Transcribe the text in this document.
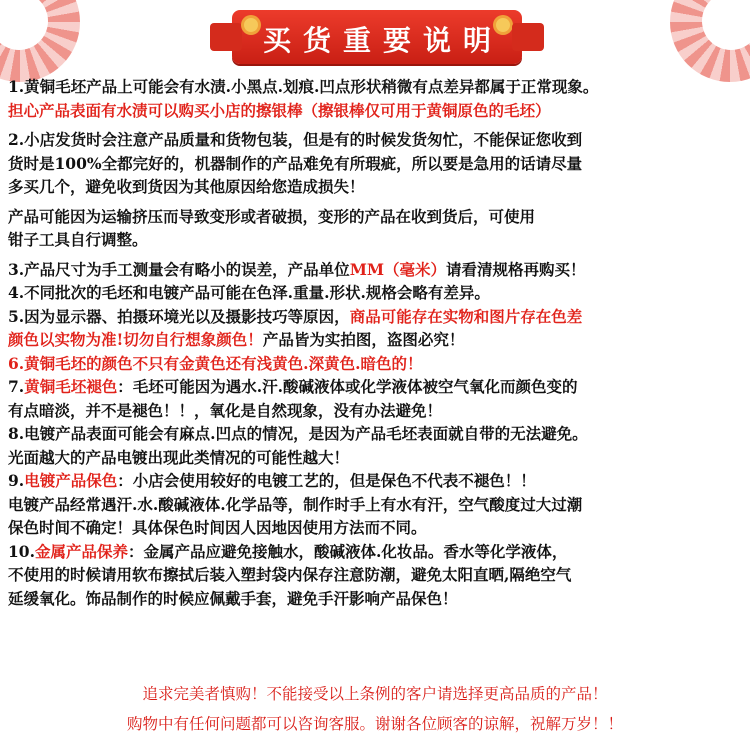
买货重要说明
1.黄铜毛坯产品上可能会有水渍.小黑点.划痕.凹点形状稍微有点差异都属于正常现象。
担心产品表面有水渍可以购买小店的擦银棒（擦银棒仅可用于黄铜原色的毛坯）
2.小店发货时会注意产品质量和货物包装，但是有的时候发货匆忙，不能保证您收到
货时是100%全都完好的，机器制作的产品难免有所瑕疵，所以要是急用的话请尽量
多买几个，避免收到货因为其他原因给您造成损失！
产品可能因为运输挤压而导致变形或者破损，变形的产品在收到货后，可使用
钳子工具自行调整。
3.产品尺寸为手工测量会有略小的误差，产品单位MM（毫米）请看清规格再购买！
4.不同批次的毛坯和电镀产品可能在色泽.重量.形状.规格会略有差异。
5.因为显示器、拍摄环境光以及摄影技巧等原因，商品可能存在实物和图片存在色差
颜色以实物为准!切勿自行想象颜色！产品皆为实拍图，盗图必究！
6.黄铜毛坯的颜色不只有金黄色还有浅黄色.深黄色.暗色的！
7.黄铜毛坯褪色：毛坯可能因为遇水.汗.酸碱液体或化学液体被空气氧化而颜色变的
有点暗淡，并不是褪色！！，氧化是自然现象，没有办法避免！
8.电镀产品表面可能会有麻点.凹点的情况，是因为产品毛坯表面就自带的无法避免。
光面越大的产品电镀出现此类情况的可能性越大！
9.电镀产品保色：小店会使用较好的电镀工艺的，但是保色不代表不褪色！！
电镀产品经常遇汗.水.酸碱液体.化学品等，制作时手上有水有汗，空气酸度过大过潮
保色时间不确定！具体保色时间因人因地因使用方法而不同。
10.金属产品保养：金属产品应避免接触水，酸碱液体.化妆品。香水等化学液体，
不使用的时候请用软布擦拭后装入塑封袋内保存注意防潮，避免太阳直晒,隔绝空气
延缓氧化。饰品制作的时候应佩戴手套，避免手汗影响产品保色！
追求完美者慎购！不能接受以上条例的客户请选择更高品质的产品！
购物中有任何问题都可以咨询客服。谢谢各位顾客的谅解，祝解万岁！！
